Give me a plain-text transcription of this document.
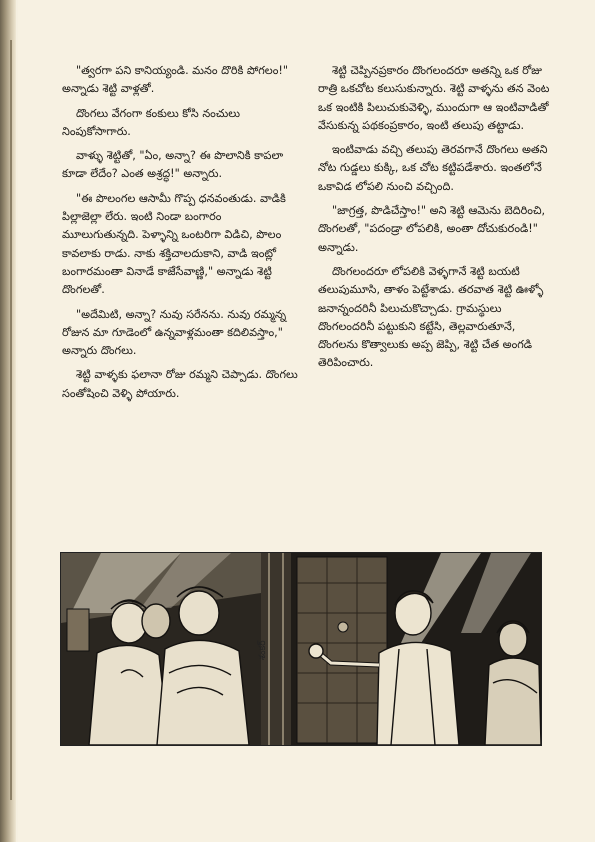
"త్వరగా పని కానియ్యండి. మనం దొరికి పోగలం!" అన్నాడు శెట్టి వాళ్లతో.

దొంగలు వేగంగా కంకులు కోసి నంచులు నింపుకోసాగారు.

వాళ్ళు శెట్టితో, "ఏం, అన్నా? ఈ పొలానికి కాపలా కూడా లేదేం? ఎంత అశ్రద్ధ!" అన్నారు.

"ఈ పొలంగల ఆసామీ గొప్ప ధనవంతుడు. వాడికి పిల్లాజెల్లా లేరు. ఇంటి నిండా బంగారం మూలుగుతున్నది. పెళ్ళాన్ని ఒంటరిగా విడిచి, పొలం కావలాకు రాడు. నాకు శక్తిచాలదుకాని, వాడి ఇంట్లో బంగారమంతా వినాడే కాజేసేవాణ్ణి," అన్నాడు శెట్టి దొంగలతో.

"అదేమిటి, అన్నా? నువు సరేనను. నువు రమ్మన్న రోజున మా గూడెంలో ఉన్నవాళ్లమంతా కదిలివస్తాం," అన్నారు దొంగలు.

శెట్టి వాళ్ళకు ఫలానా రోజు రమ్మని చెప్పాడు. దొంగలు సంతోషించి వెళ్ళి పోయారు.

శెట్టి చెప్పినప్రకారం దొంగలందరూ అతన్ని ఒక రోజు రాత్రి ఒకచోట కలుసుకున్నారు. శెట్టి వాళ్ళను తన వెంట ఒక ఇంటికి పిలుచుకువెళ్ళి, ముందుగా ఆ ఇంటివాడితో వేసుకున్న పథకంప్రకారం, ఇంటి తలుపు తట్టాడు.

ఇంటివాడు వచ్చి తలుపు తెరవగానే దొంగలు అతని నోట గుడ్డలు కుక్కి, ఒక చోట కట్టిపడేశారు. ఇంతలోనే ఒకావిడ లోపలి నుంచి వచ్చింది.

"జాగ్రత్త, పొడిచేస్తాం!" అని శెట్టి ఆమెను బెదిరించి, దొంగలతో, "పదండ్రా లోపలికి, అంతా దోచుకురండి!" అన్నాడు.

దొంగలందరూ లోపలికి వెళ్ళగానే శెట్టి బయటి తలుపుమూసి, తాళం పెట్టేశాడు. తరవాత శెట్టి ఊళ్ళో జనాన్నందరినీ పిలుచుకొచ్చాడు. గ్రామస్థులు దొంగలందరినీ పట్టుకుని కట్టేసి, తెల్లవారుతూనే, దొంగలను కొత్వాలుకు అప్ప జెప్పి, శెట్టి చేత అంగడి తెరిపించారు.

శంకర్
